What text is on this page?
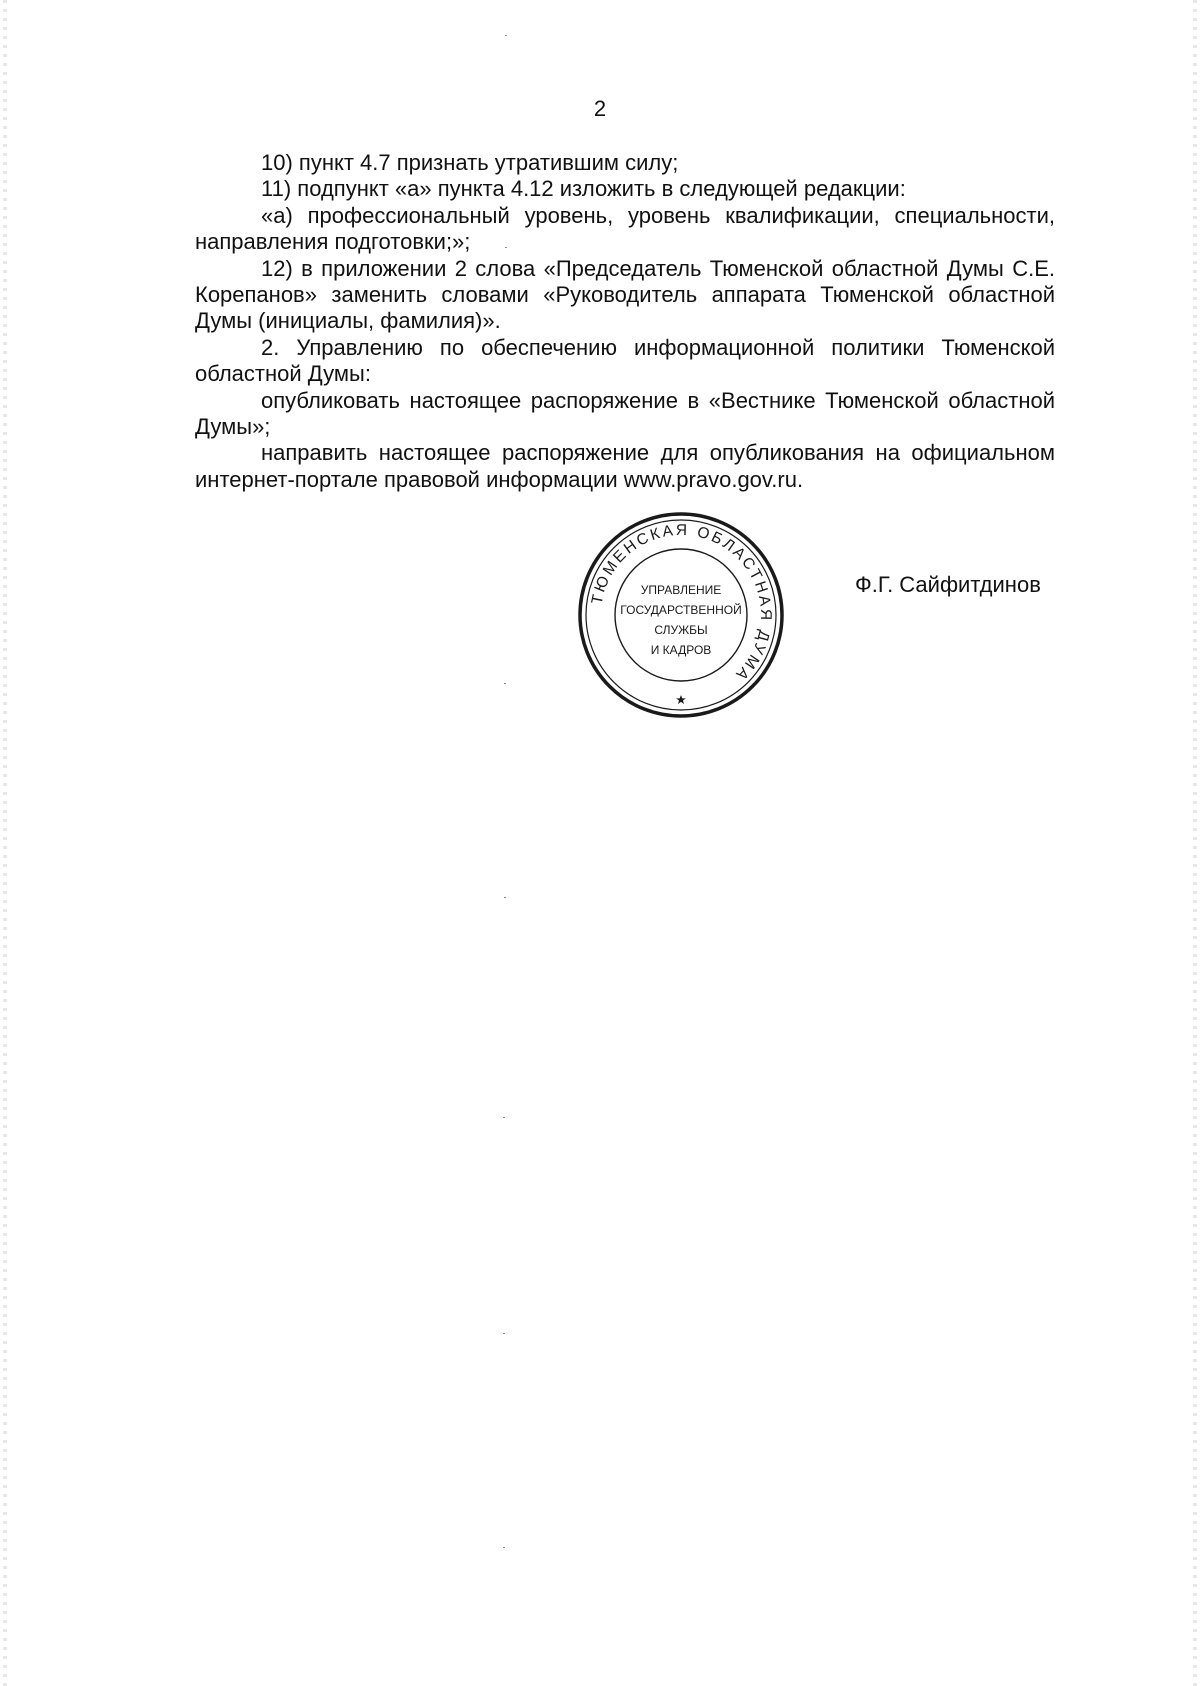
2

10) пункт 4.7 признать утратившим силу;

11) подпункт «а» пункта 4.12 изложить в следующей редакции:

«а) профессиональный уровень, уровень квалификации, специальности, направления подготовки;»;

12) в приложении 2 слова «Председатель Тюменской областной Думы С.Е. Корепанов» заменить словами «Руководитель аппарата Тюменской областной Думы (инициалы, фамилия)».

2. Управлению по обеспечению информационной политики Тюменской областной Думы:

опубликовать настоящее распоряжение в «Вестнике Тюменской областной Думы»;

направить настоящее распоряжение для опубликования на официальном интернет-портале правовой информации www.pravo.gov.ru.

ТЮМЕНСКАЯ ОБЛАСТНАЯ ДУМА
УПРАВЛЕНИЕ
ГОСУДАРСТВЕННОЙ
СЛУЖБЫ
И КАДРОВ
Ф.Г. Сайфитдинов
